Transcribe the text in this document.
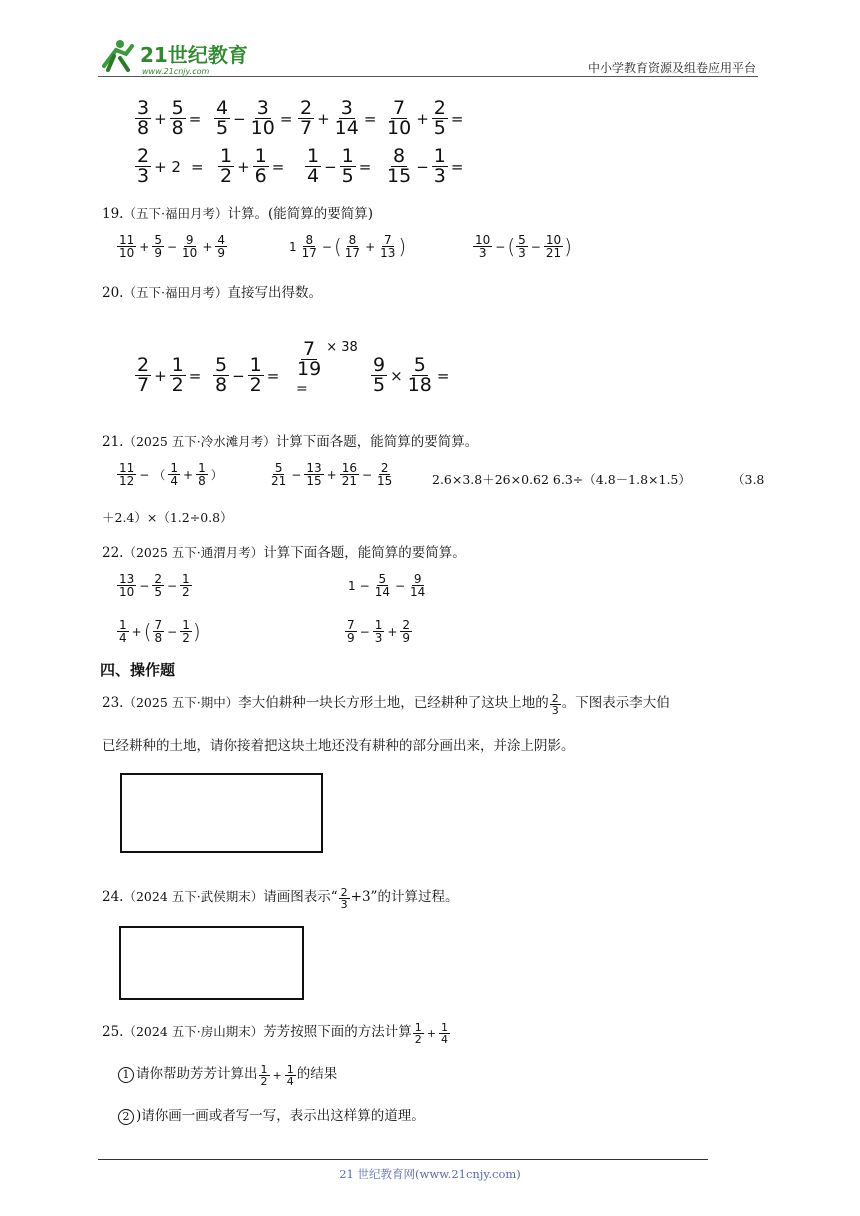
21世纪教育
www.21cnjy.com	中小学教育资源及组卷应用平台
$\frac{3}{8} + \frac{5}{8} = \frac{4}{5} - \frac{3}{10} = \frac{2}{7} + \frac{3}{14} = \frac{7}{10} + \frac{2}{5}$ =
$\frac{2}{3} + 2 = \frac{1}{2} + \frac{1}{6} = \frac{1}{4} - \frac{1}{5} = \frac{8}{15} - \frac{1}{3}$ =
19.（五下·福田月考）计算。(能简算的要简算)
$\frac{11}{10} + \frac{5}{9} - \frac{9}{10} + \frac{4}{9}$	$1 \frac{8}{17}$ − ( $\frac{8}{17} + \frac{7}{13}$ )	$\frac{10}{3}$ − ( $\frac{5}{3} - \frac{10}{21}$ )
20.（五下·福田月考）直接写出得数。
$\frac{2}{7} + \frac{1}{2} = \frac{5}{8} - \frac{1}{2} = \frac{7}{19} ^{\times 38}$
=	$\frac{9}{5} \times \frac{5}{18}$ =
21.（2025 五下·冷水滩月考）计算下面各题，能简算的要简算。
$\frac{11}{12}$ − （ $\frac{1}{4} + \frac{1}{8}$ ）	$\frac{5}{21} - \frac{13}{15} + \frac{16}{21} - \frac{2}{15}$	2.6×3.8＋26×0.62 6.3÷（4.8－1.8×1.5）	（3.8
＋2.4）×（1.2÷0.8）
22.（2025 五下·通渭月考）计算下面各题，能简算的要简算。
$\frac{13}{10} - \frac{2}{5} - \frac{1}{2}$	$1 - \frac{5}{14} - \frac{9}{14}$
$\frac{1}{4}$ + ( $\frac{7}{8} - \frac{1}{2}$ )	$\frac{7}{9} - \frac{1}{3} + \frac{2}{9}$
四、操作题
23.（2025 五下·期中）李大伯耕种一块长方形土地，已经耕种了这块上地的 $\frac{2}{3}$ 。下图表示李大伯
已经耕种的土地，请你接着把这块土地还没有耕种的部分画出来，并涂上阴影。
24.（2024 五下·武侯期末）请画图表示“ $\frac{2}{3} +3$”的计算过程。
25.（2024 五下·房山期末）芳芳按照下面的方法计算 $\frac{1}{2} + \frac{1}{4}$
1 请你帮助芳芳计算出 $\frac{1}{2} + \frac{1}{4}$ 的结果
2 )请你画一画或者写一写，表示出这样算的道理。
21 世纪教育网(www.21cnjy.com)
